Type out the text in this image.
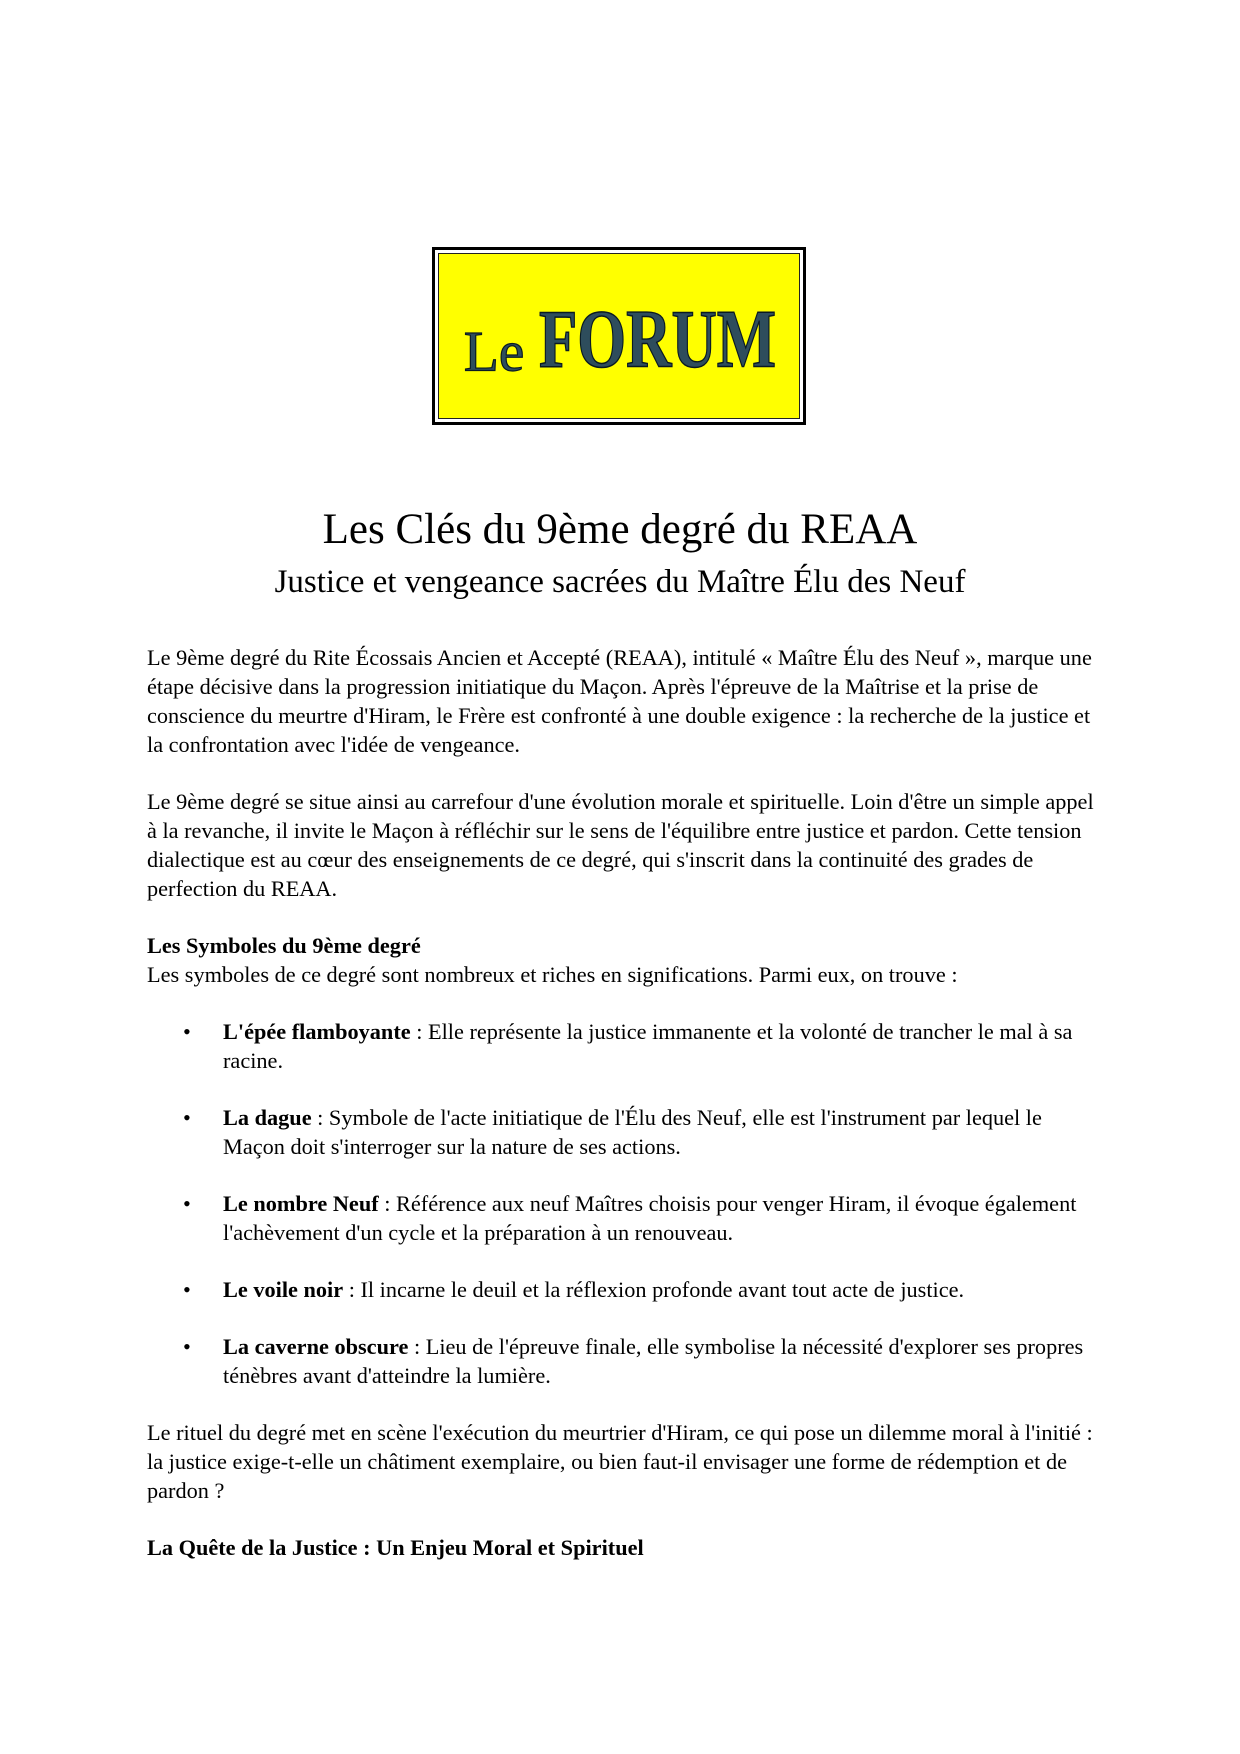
Le FORUM
Les Clés du 9ème degré du REAA
Justice et vengeance sacrées du Maître Élu des Neuf

Le 9ème degré du Rite Écossais Ancien et Accepté (REAA), intitulé « Maître Élu des Neuf », marque une étape décisive dans la progression initiatique du Maçon. Après l'épreuve de la Maîtrise et la prise de conscience du meurtre d'Hiram, le Frère est confronté à une double exigence : la recherche de la justice et la confrontation avec l'idée de vengeance.

Le 9ème degré se situe ainsi au carrefour d'une évolution morale et spirituelle. Loin d'être un simple appel à la revanche, il invite le Maçon à réfléchir sur le sens de l'équilibre entre justice et pardon. Cette tension dialectique est au cœur des enseignements de ce degré, qui s'inscrit dans la continuité des grades de perfection du REAA.

Les Symboles du 9ème degré

Les symboles de ce degré sont nombreux et riches en significations. Parmi eux, on trouve :

• L'épée flamboyante : Elle représente la justice immanente et la volonté de trancher le mal à sa racine.
• La dague : Symbole de l'acte initiatique de l'Élu des Neuf, elle est l'instrument par lequel le Maçon doit s'interroger sur la nature de ses actions.
• Le nombre Neuf : Référence aux neuf Maîtres choisis pour venger Hiram, il évoque également l'achèvement d'un cycle et la préparation à un renouveau.
• Le voile noir : Il incarne le deuil et la réflexion profonde avant tout acte de justice.
• La caverne obscure : Lieu de l'épreuve finale, elle symbolise la nécessité d'explorer ses propres ténèbres avant d'atteindre la lumière.

Le rituel du degré met en scène l'exécution du meurtrier d'Hiram, ce qui pose un dilemme moral à l'initié : la justice exige-t-elle un châtiment exemplaire, ou bien faut-il envisager une forme de rédemption et de pardon ?

La Quête de la Justice : Un Enjeu Moral et Spirituel
